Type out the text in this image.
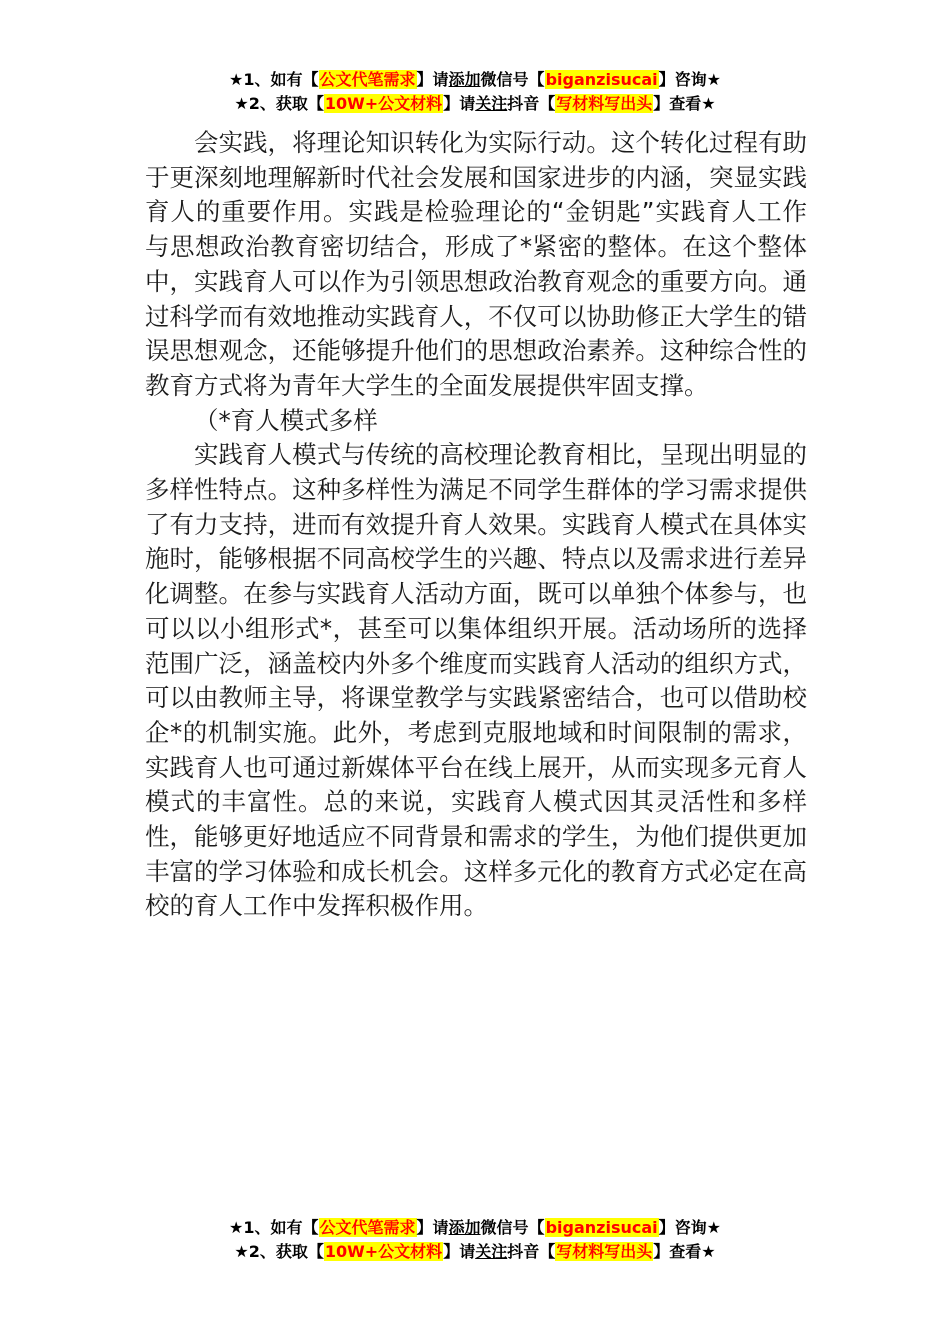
★1、如有【公文代笔需求】请添加微信号【biganzisucai】咨询★
★2、获取【10W+公文材料】请关注抖音【写材料写出头】查看★

会实践，将理论知识转化为实际行动。这个转化过程有助于更深刻地理解新时代社会发展和国家进步的内涵，突显实践育人的重要作用。实践是检验理论的“金钥匙”实践育人工作与思想政治教育密切结合，形成了*紧密的整体。在这个整体中，实践育人可以作为引领思想政治教育观念的重要方向。通过科学而有效地推动实践育人，不仅可以协助修正大学生的错误思想观念，还能够提升他们的思想政治素养。这种综合性的教育方式将为青年大学生的全面发展提供牢固支撑。

（*育人模式多样

实践育人模式与传统的高校理论教育相比，呈现出明显的多样性特点。这种多样性为满足不同学生群体的学习需求提供了有力支持，进而有效提升育人效果。实践育人模式在具体实施时，能够根据不同高校学生的兴趣、特点以及需求进行差异化调整。在参与实践育人活动方面，既可以单独个体参与，也可以以小组形式*，甚至可以集体组织开展。活动场所的选择范围广泛，涵盖校内外多个维度而实践育人活动的组织方式，可以由教师主导，将课堂教学与实践紧密结合，也可以借助校企*的机制实施。此外，考虑到克服地域和时间限制的需求，实践育人也可通过新媒体平台在线上展开，从而实现多元育人模式的丰富性。总的来说，实践育人模式因其灵活性和多样性，能够更好地适应不同背景和需求的学生，为他们提供更加丰富的学习体验和成长机会。这样多元化的教育方式必定在高校的育人工作中发挥积极作用。

★1、如有【公文代笔需求】请添加微信号【biganzisucai】咨询★
★2、获取【10W+公文材料】请关注抖音【写材料写出头】查看★
